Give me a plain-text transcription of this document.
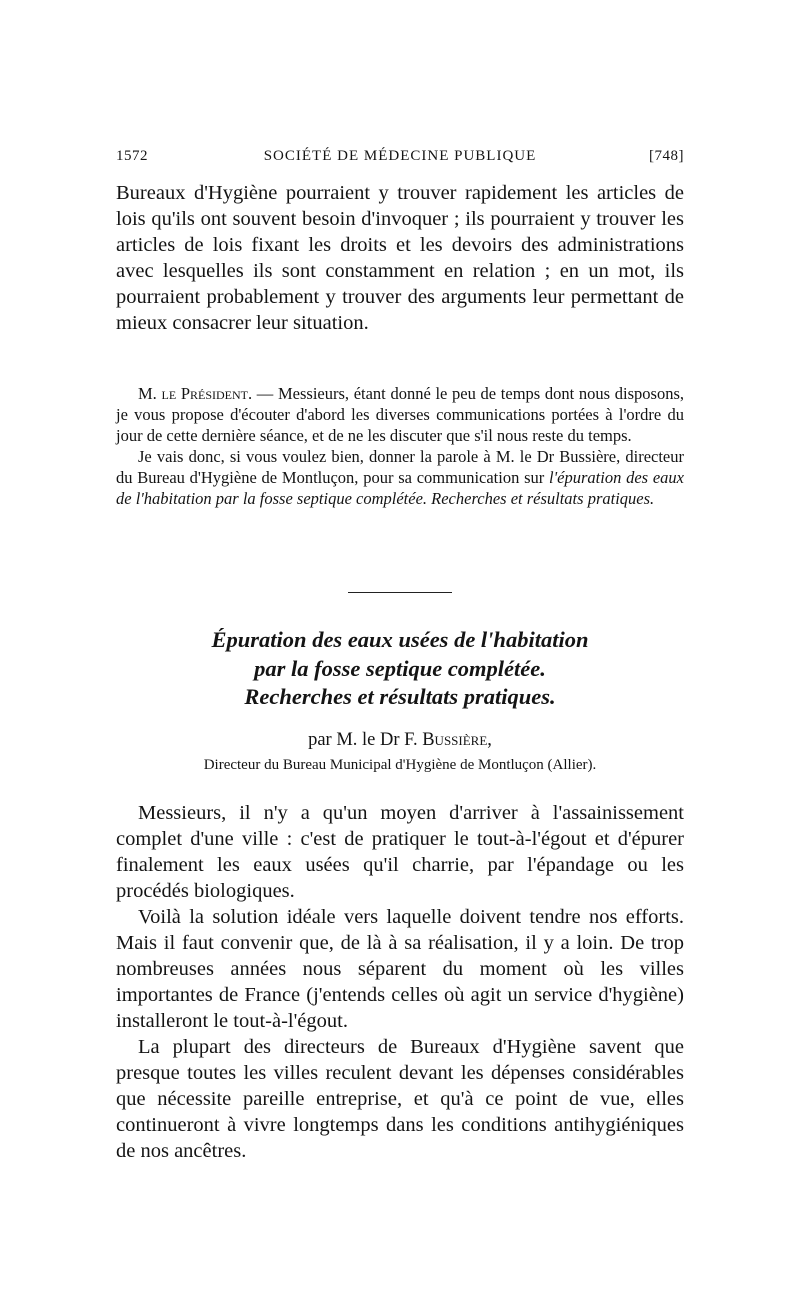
1572	SOCIÉTÉ DE MÉDECINE PUBLIQUE	[748]

Bureaux d'Hygiène pourraient y trouver rapidement les articles de lois qu'ils ont souvent besoin d'invoquer ; ils pourraient y trouver les articles de lois fixant les droits et les devoirs des administrations avec lesquelles ils sont constamment en relation ; en un mot, ils pourraient probablement y trouver des arguments leur permettant de mieux consacrer leur situation.

M. le Président. — Messieurs, étant donné le peu de temps dont nous disposons, je vous propose d'écouter d'abord les diverses communications portées à l'ordre du jour de cette dernière séance, et de ne les discuter que s'il nous reste du temps.

Je vais donc, si vous voulez bien, donner la parole à M. le Dr Bussière, directeur du Bureau d'Hygiène de Montluçon, pour sa communication sur l'épuration des eaux de l'habitation par la fosse septique complétée. Recherches et résultats pratiques.

Épuration des eaux usées de l'habitation
par la fosse septique complétée.
Recherches et résultats pratiques.
par M. le Dr F. Bussière,
Directeur du Bureau Municipal d'Hygiène de Montluçon (Allier).

Messieurs, il n'y a qu'un moyen d'arriver à l'assainissement complet d'une ville : c'est de pratiquer le tout-à-l'égout et d'épurer finalement les eaux usées qu'il charrie, par l'épandage ou les procédés biologiques.

Voilà la solution idéale vers laquelle doivent tendre nos efforts. Mais il faut convenir que, de là à sa réalisation, il y a loin. De trop nombreuses années nous séparent du moment où les villes importantes de France (j'entends celles où agit un service d'hygiène) installeront le tout-à-l'égout.

La plupart des directeurs de Bureaux d'Hygiène savent que presque toutes les villes reculent devant les dépenses considérables que nécessite pareille entreprise, et qu'à ce point de vue, elles continueront à vivre longtemps dans les conditions antihygiéniques de nos ancêtres.
